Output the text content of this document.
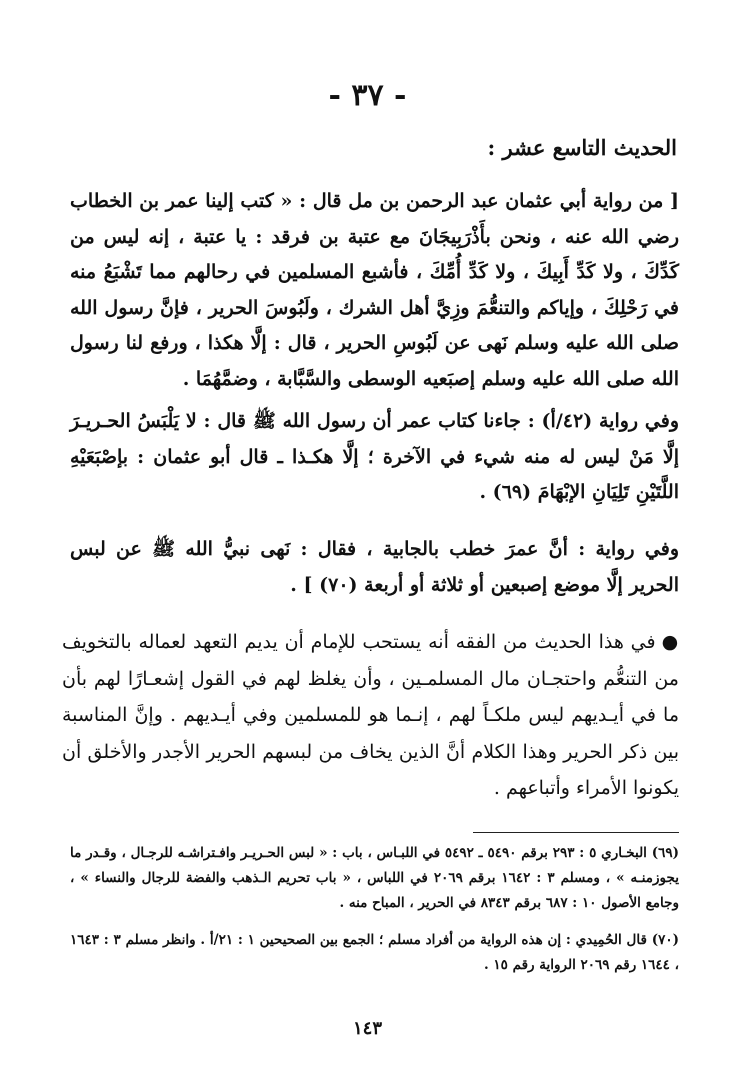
- ٣٧ -
الحديث التاسع عشر :
[ من رواية أبي عثمان عبد الرحمن بن مل قال : « كتب إلينا عمر بن الخطاب رضي الله عنه ، ونحن بأَذْرَبِيجَانَ مع عتبة بن فرقد : يا عتبة ، إنه ليس من كَدِّكَ ، ولا كَدِّ أَبِيكَ ، ولا كَدِّ أُمِّكَ ، فأشبع المسلمين في رحالهم مما تَشْبَعُ منه في رَحْلِكَ ، وإياكم والتنعُّمَ وزِيَّ أهل الشرك ، ولَبُوسَ الحرير ، فإنَّ رسول الله صلى الله عليه وسلم نَهى عن لَبُوسِ الحرير ، قال : إلَّا هكذا ، ورفع لنا رسول الله صلى الله عليه وسلم إصبَعيه الوسطى والسَّبَّابة ، وضمَّهُمَا .
وفي رواية (٤٢/أ) : جاءنا كتاب عمر أن رسول الله ﷺ قال : لا يَلْبَسُ الحـريـرَ إلَّا مَنْ ليس له منه شيء في الآخرة ؛ إلَّا هكـذا ـ قال أبو عثمان : بإصْبَعَيْهِ اللَّتَيْنِ تَلِيَانِ الإبْهَامَ (٦٩) .
وفي رواية : أنَّ عمرَ خطب بالجابية ، فقال : نَهى نبيُّ الله ﷺ عن لبس الحرير إلَّا موضع إصبعين أو ثلاثة أو أربعة (٧٠) ] .
●في هذا الحديث من الفقه أنه يستحب للإمام أن يديم التعهد لعماله بالتخويف من التنعُّم واحتجـان مال المسلمـين ، وأن يغلظ لهم في القول إشعـارًا لهم بأن ما في أيـديهم ليس ملكـاً لهم ، إنـما هو للمسلمين وفي أيـديهم . وإنَّ المناسبة بين ذكر الحرير وهذا الكلام أنَّ الذين يخاف من لبسهم الحرير الأجدر والأخلق أن يكونوا الأمراء وأتباعهم .
(٦٩) البخـاري ٥ : ٢٩٣ برقم ٥٤٩٠ ـ ٥٤٩٢ في اللبـاس ، باب : « لبس الحـريـر وافـتراشـه للرجـال ، وقـدر ما يجوزمنـه » ، ومسلم ٣ : ١٦٤٢ برقم ٢٠٦٩ في اللباس ، « باب تحريم الـذهب والفضة للرجال والنساء » ، وجامع الأصول ١٠ : ٦٨٧ برقم ٨٣٤٣ في الحرير ، المباح منه .
(٧٠) قال الحُمِيدي : إن هذه الرواية من أفراد مسلم ؛ الجمع بين الصحيحين ١ : ٢١/أ . وانظر مسلم ٣ : ١٦٤٣ ، ١٦٤٤ رقم ٢٠٦٩ الرواية رقم ١٥ .
١٤٣
